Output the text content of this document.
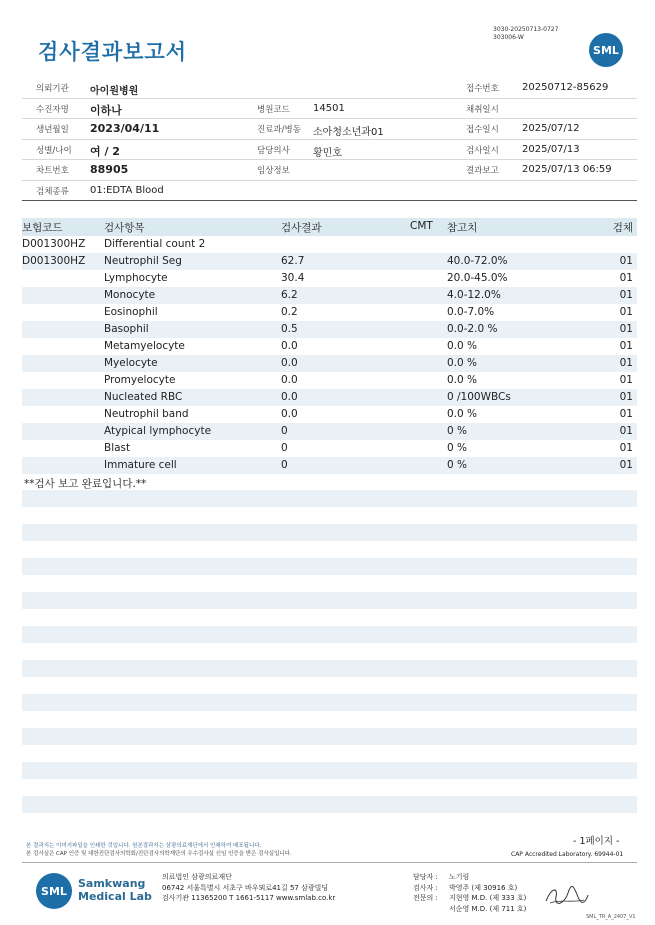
검사결과보고서
3030-20250713-0727
303006-W
SML
의뢰기관 아이원병원	접수번호 20250712-85629
수진자명 이하나	병원코드 14501	채취일시
생년월일 2023/04/11	진료과/병동 소아청소년과01	접수일시 2025/07/12
성별/나이 여 / 2	담당의사 황민호	검사일시 2025/07/13
차트번호 88905	임상정보	결과보고 2025/07/13 06:59
검체종류 01:EDTA Blood
보험코드	검사항목	검사결과	CMT 참고치	검체
D001300HZ Differential count 2
D001300HZ Neutrophil Seg	62.7	40.0-72.0%	01
Lymphocyte	30.4	20.0-45.0%	01
Monocyte	6.2	4.0-12.0%	01
Eosinophil	0.2	0.0-7.0%	01
Basophil	0.5	0.0-2.0 %	01
Metamyelocyte	0.0	0.0 %	01
Myelocyte	0.0	0.0 %	01
Promyelocyte	0.0	0.0 %	01
Nucleated RBC	0.0	0 /100WBCs	01
Neutrophil band	0.0	0.0 %	01
Atypical lymphocyte	0	0 %	01
Blast	0	0 %	01
Immature cell	0	0 %	01
**검사 보고 완료입니다.**
본 결과지는 이미지파일을 인쇄한 것입니다. 원본결과지는 삼광의료재단에서 인쇄하여 배포됩니다.
본 검사실은 CAP 인증 및 대한진단검사의학회/진단검사의학재단의 우수검사실 신임 인증을 받은 검사실입니다.
- 1페이지 -
CAP Accredited Laboratory. 69944-01
SML
Samkwang
Medical Lab
의료법인 삼광의료재단
06742 서울특별시 서초구 바우뫼로41길 57 삼광빌딩
검사기관 11365200 T 1661-5117 www.smlab.co.kr
담당자 : 노기림
검사자 : 박영주 (제 30916 호)
전문의 : 지현영 M.D. (제 333 호)
서순영 M.D. (제 711 호)
SML_TR_A_2407_V1
